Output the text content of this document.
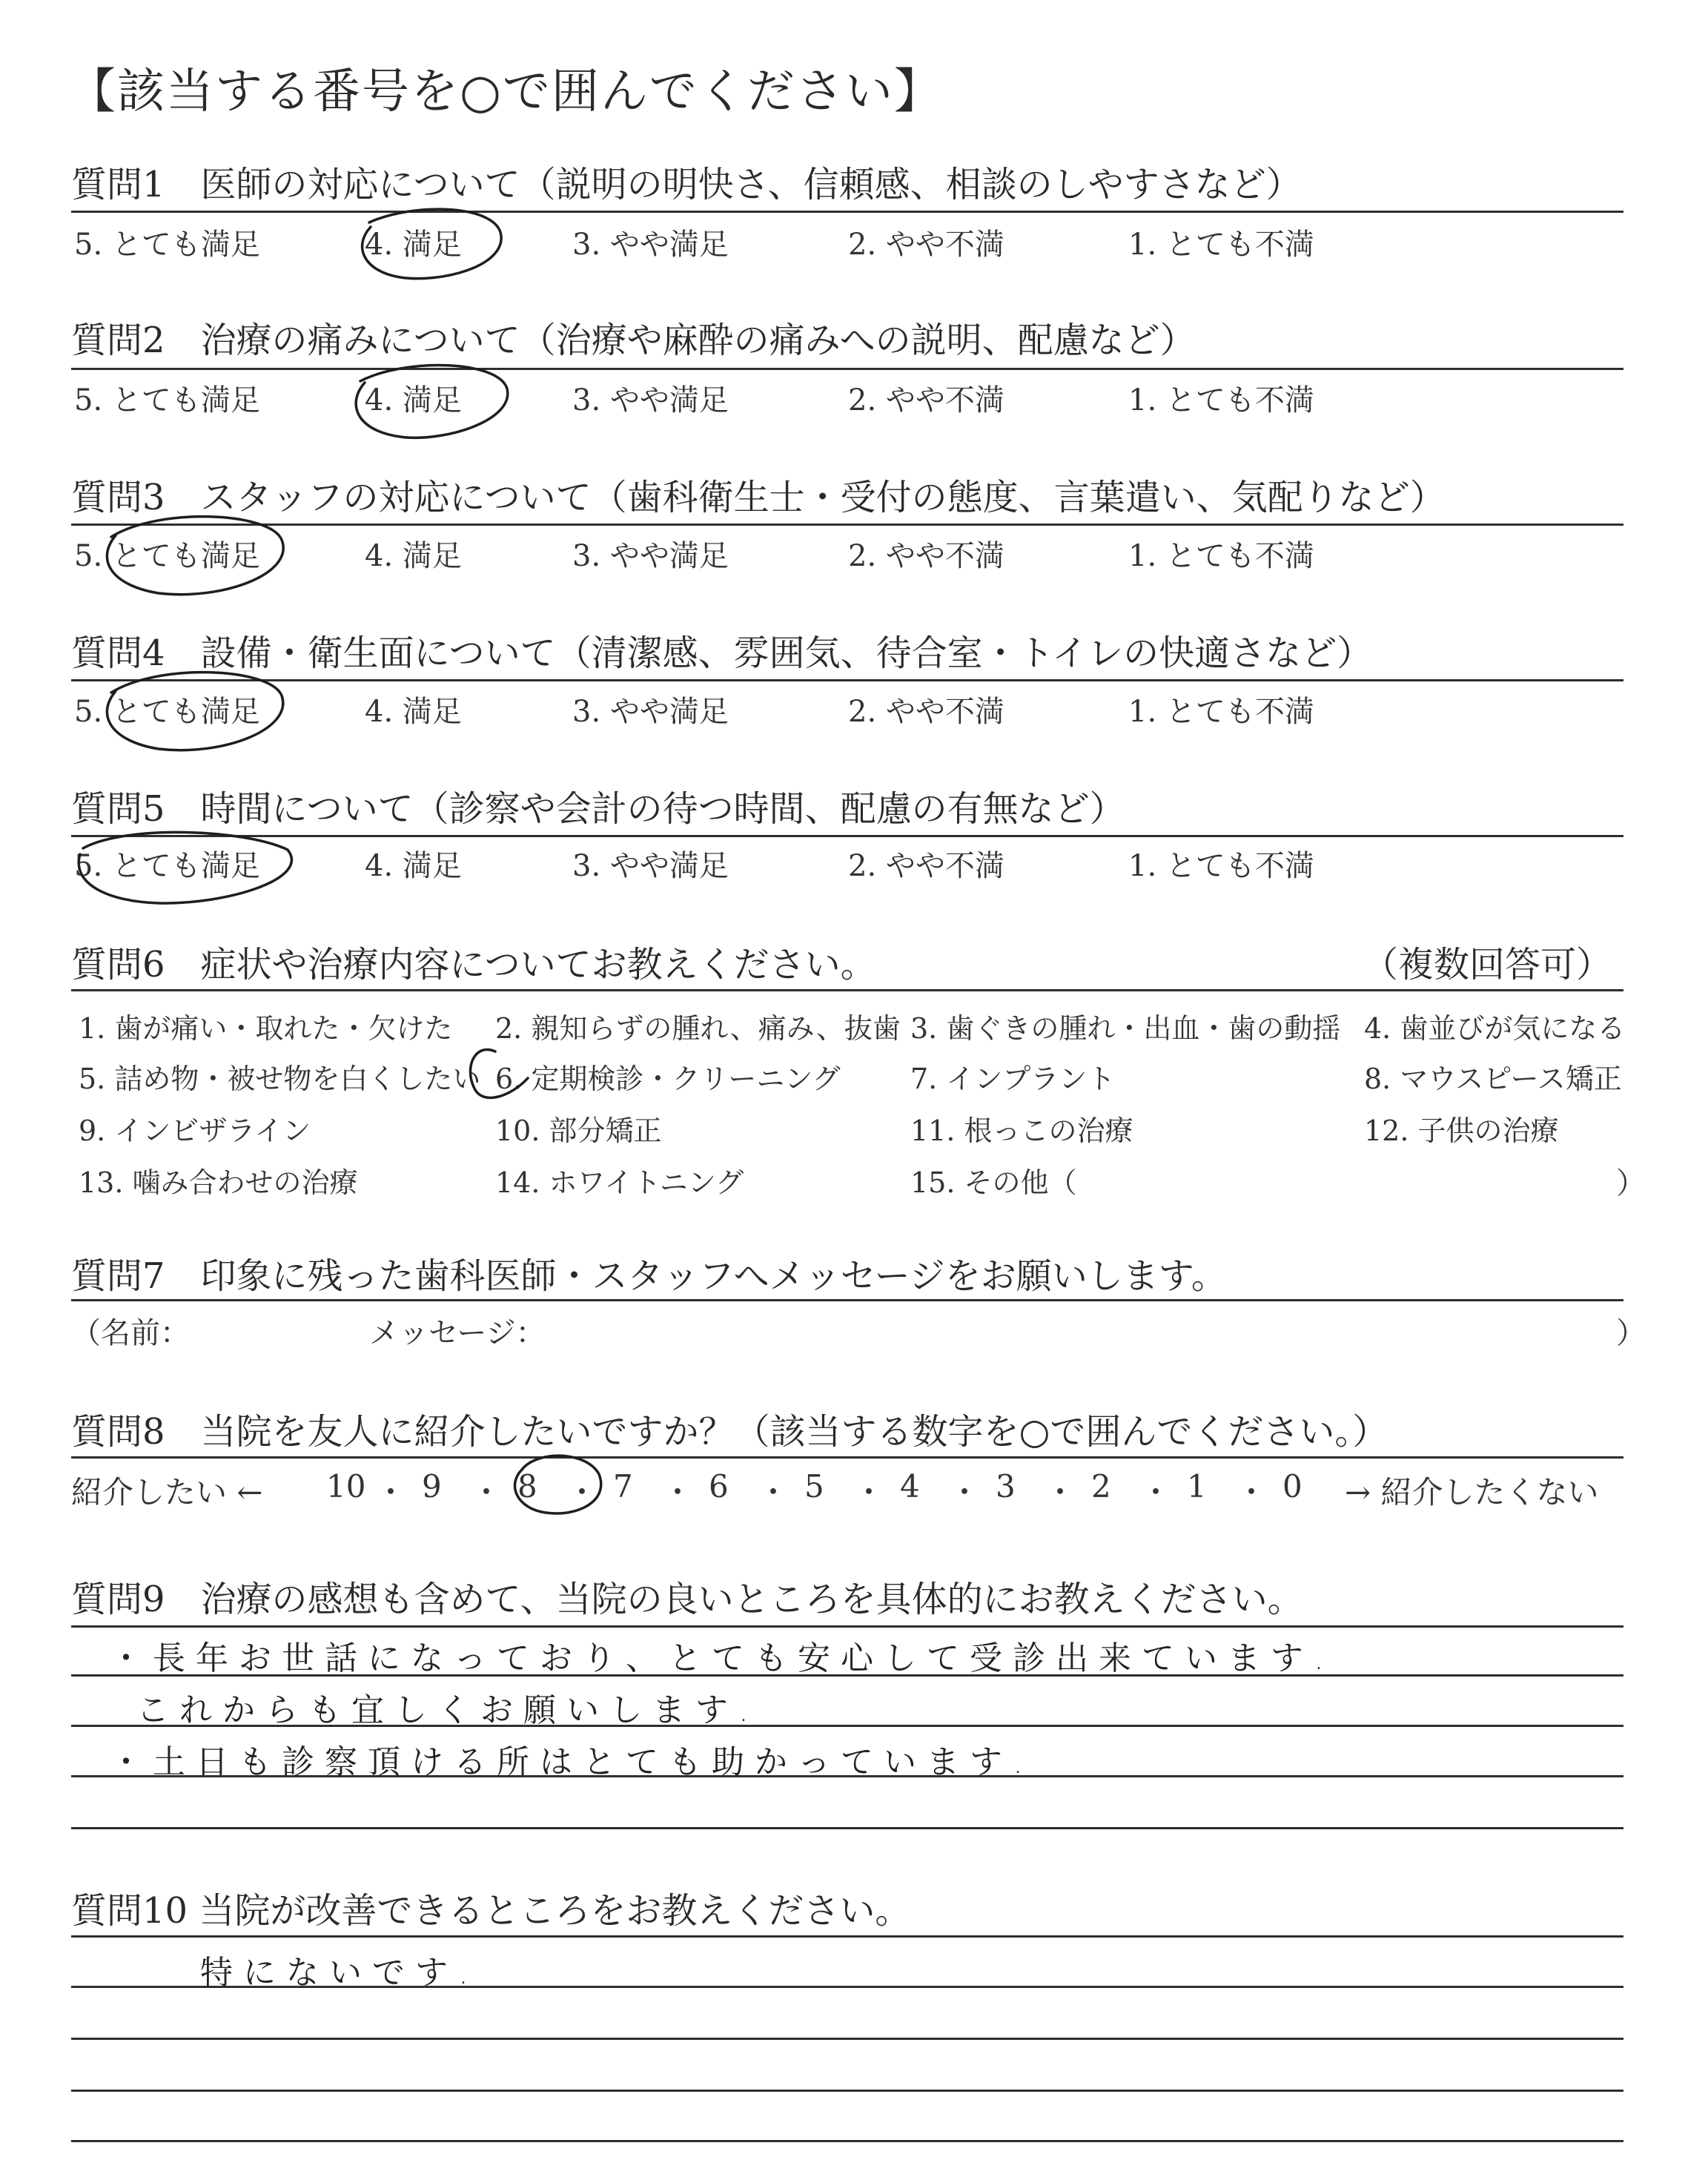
【該当する番号を○で囲んでください】
質問1　医師の対応について（説明の明快さ、信頼感、相談のしやすさなど）
5. とても満足	4. 満足	3. やや満足	2. やや不満	1. とても不満
質問2　治療の痛みについて（治療や麻酔の痛みへの説明、配慮など）
5. とても満足	4. 満足	3. やや満足	2. やや不満	1. とても不満
質問3　スタッフの対応について（歯科衛生士・受付の態度、言葉遣い、気配りなど）
5. とても満足	4. 満足	3. やや満足	2. やや不満	1. とても不満
質問4　設備・衛生面について（清潔感、雰囲気、待合室・トイレの快適さなど）
5. とても満足	4. 満足	3. やや満足	2. やや不満	1. とても不満
質問5　時間について（診察や会計の待つ時間、配慮の有無など）
5. とても満足	4. 満足	3. やや満足	2. やや不満	1. とても不満
質問6　症状や治療内容についてお教えください。	（複数回答可）
1. 歯が痛い・取れた・欠けた 2. 親知らずの腫れ、痛み、抜歯 3. 歯ぐきの腫れ・出血・歯の動揺 4. 歯並びが気になる
5. 詰め物・被せ物を白くしたい 6. 定期検診・クリーニング 7. インプラント	8. マウスピース矯正
9. インビザライン	10. 部分矯正	11. 根っこの治療	12. 子供の治療
13. 噛み合わせの治療	14. ホワイトニング	15. その他（	）
質問7　印象に残った歯科医師・スタッフへメッセージをお願いします。
（名前：	メッセージ：	）
質問8　当院を友人に紹介したいですか？（該当する数字を○で囲んでください。）
紹介したい ← 10 ・ 9 ・ 8 ・ 7 ・ 6 ・ 5 ・ 4 ・ 3 ・ 2 ・ 1 ・ 0 → 紹介したくない
質問9　治療の感想も含めて、当院の良いところを具体的にお教えください。
・長年お世話になっており、とても安心して受診出来ています.
これからも宜しくお願いします.
・土日も診察頂ける所はとても助かっています.
質問10 当院が改善できるところをお教えください。
特にないです.
